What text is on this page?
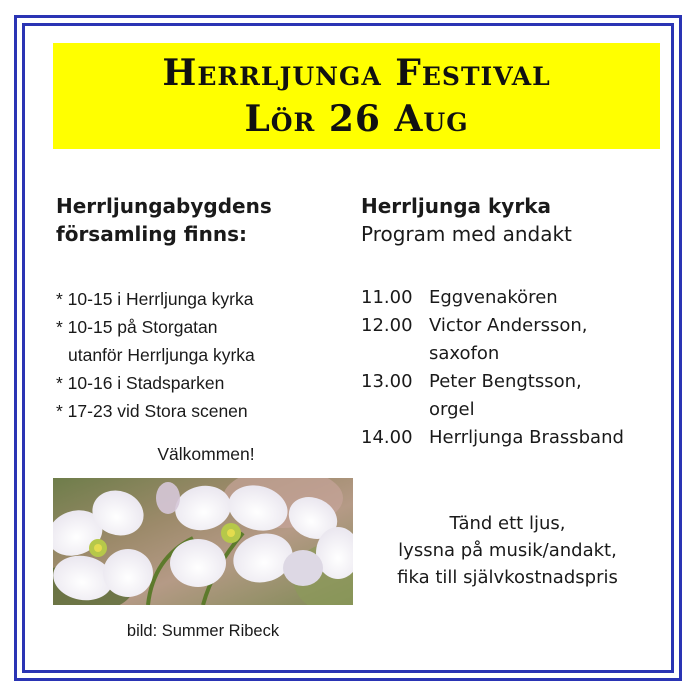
Herrljunga Festival
Lör 26 Aug
Herrljungabygdens
församling finns:
* 10-15 i Herrljunga kyrka
* 10-15 på Storgatan
utanför Herrljunga kyrka
* 10-16 i Stadsparken
* 17-23 vid Stora scenen
Välkommen!
bild: Summer Ribeck
Herrljunga kyrka
Program med andakt
11.00 Eggvenakören
12.00 Victor Andersson,
saxofon
13.00 Peter Bengtsson,
orgel
14.00 Herrljunga Brassband
Tänd ett ljus,
lyssna på musik/andakt,
fika till självkostnadspris
